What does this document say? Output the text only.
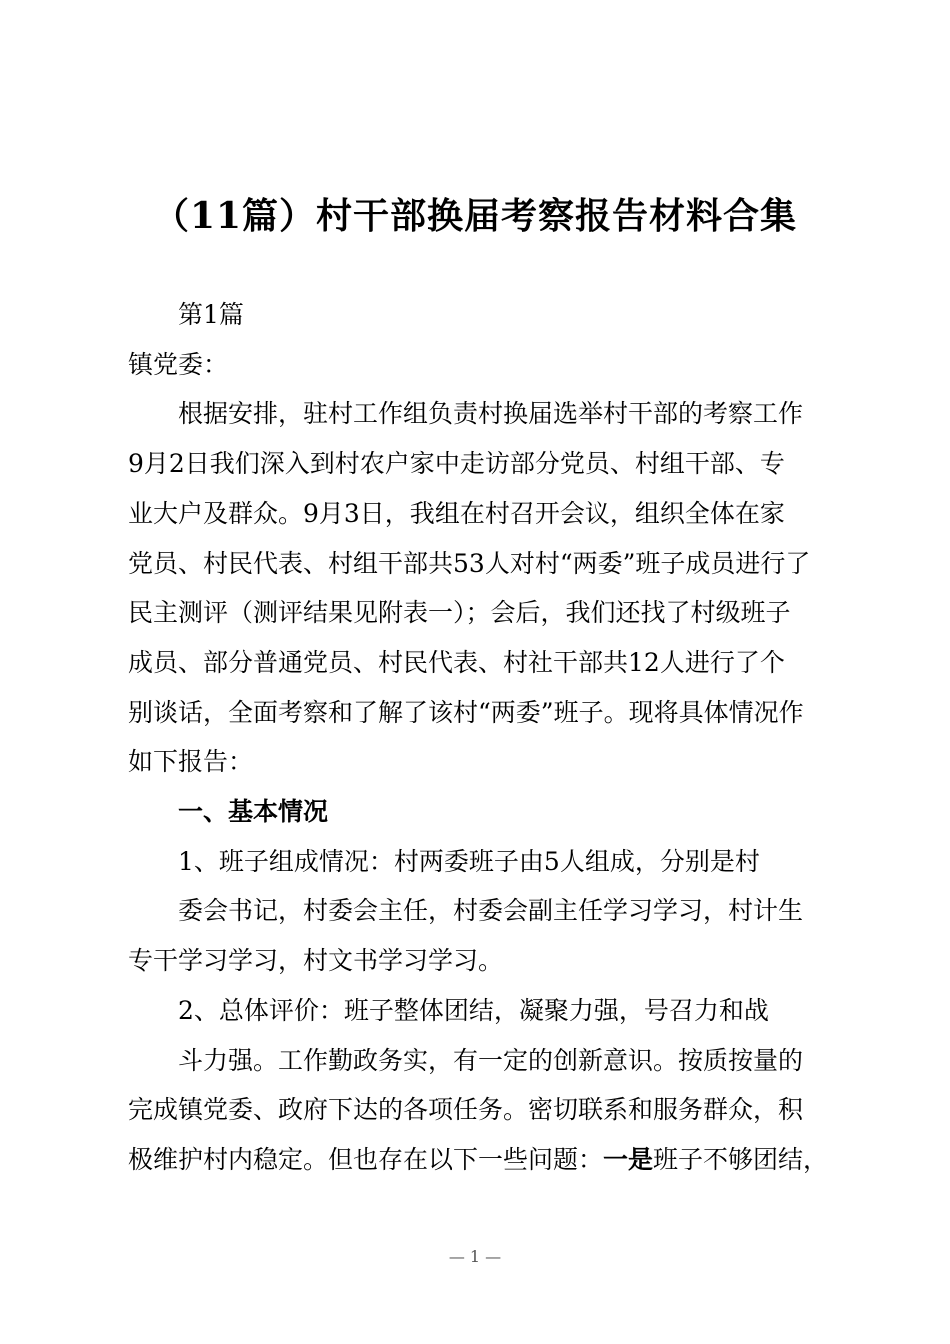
（11篇）村干部换届考察报告材料合集

第1篇

镇党委：

根据安排，驻村工作组负责村换届选举村干部的考察工作

9月2日我们深入到村农户家中走访部分党员、村组干部、专

业大户及群众。9月3日，我组在村召开会议，组织全体在家

党员、村民代表、村组干部共53人对村“两委”班子成员进行了

民主测评（测评结果见附表一）；会后，我们还找了村级班子

成员、部分普通党员、村民代表、村社干部共12人进行了个

别谈话，全面考察和了解了该村“两委”班子。现将具体情况作

如下报告：

一、基本情况

1、班子组成情况：村两委班子由5人组成，分别是村

委会书记，村委会主任，村委会副主任学习学习，村计生

专干学习学习，村文书学习学习。

2、总体评价：班子整体团结，凝聚力强，号召力和战

斗力强。工作勤政务实，有一定的创新意识。按质按量的

完成镇党委、政府下达的各项任务。密切联系和服务群众，积

极维护村内稳定。但也存在以下一些问题：一是班子不够团结，

— 1 —
